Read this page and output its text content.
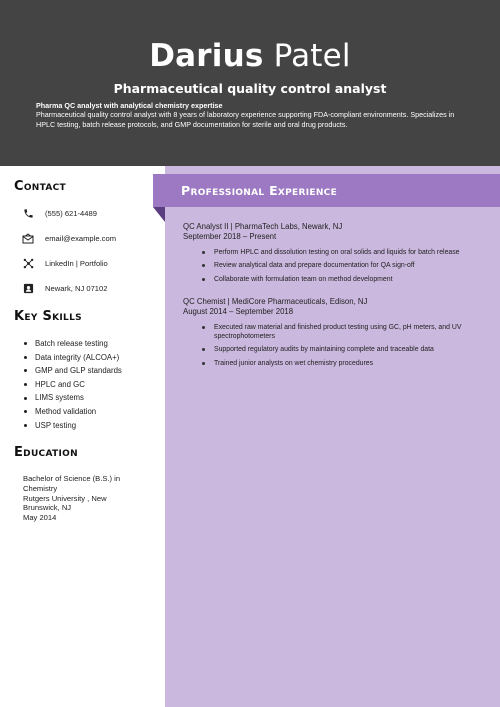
Darius Patel
Pharmaceutical quality control analyst
Pharma QC analyst with analytical chemistry expertise
Pharmaceutical quality control analyst with 8 years of laboratory experience supporting FDA-compliant environments. Specializes in HPLC testing, batch release protocols, and GMP documentation for sterile and oral drug products.
Professional Experience
Contact
(555) 621-4489
email@example.com
LinkedIn | Portfolio
Newark, NJ 07102
Key Skills
Batch release testing
Data integrity (ALCOA+)
GMP and GLP standards
HPLC and GC
LIMS systems
Method validation
USP testing
Education
Bachelor of Science (B.S.) in Chemistry
Rutgers University , New Brunswick, NJ
May 2014
QC Analyst II | PharmaTech Labs, Newark, NJ
September 2018 – Present
Perform HPLC and dissolution testing on oral solids and liquids for batch release
Review analytical data and prepare documentation for QA sign-off
Collaborate with formulation team on method development
QC Chemist | MediCore Pharmaceuticals, Edison, NJ
August 2014 – September 2018
Executed raw material and finished product testing using GC, pH meters, and UV spectrophotometers
Supported regulatory audits by maintaining complete and traceable data
Trained junior analysts on wet chemistry procedures
